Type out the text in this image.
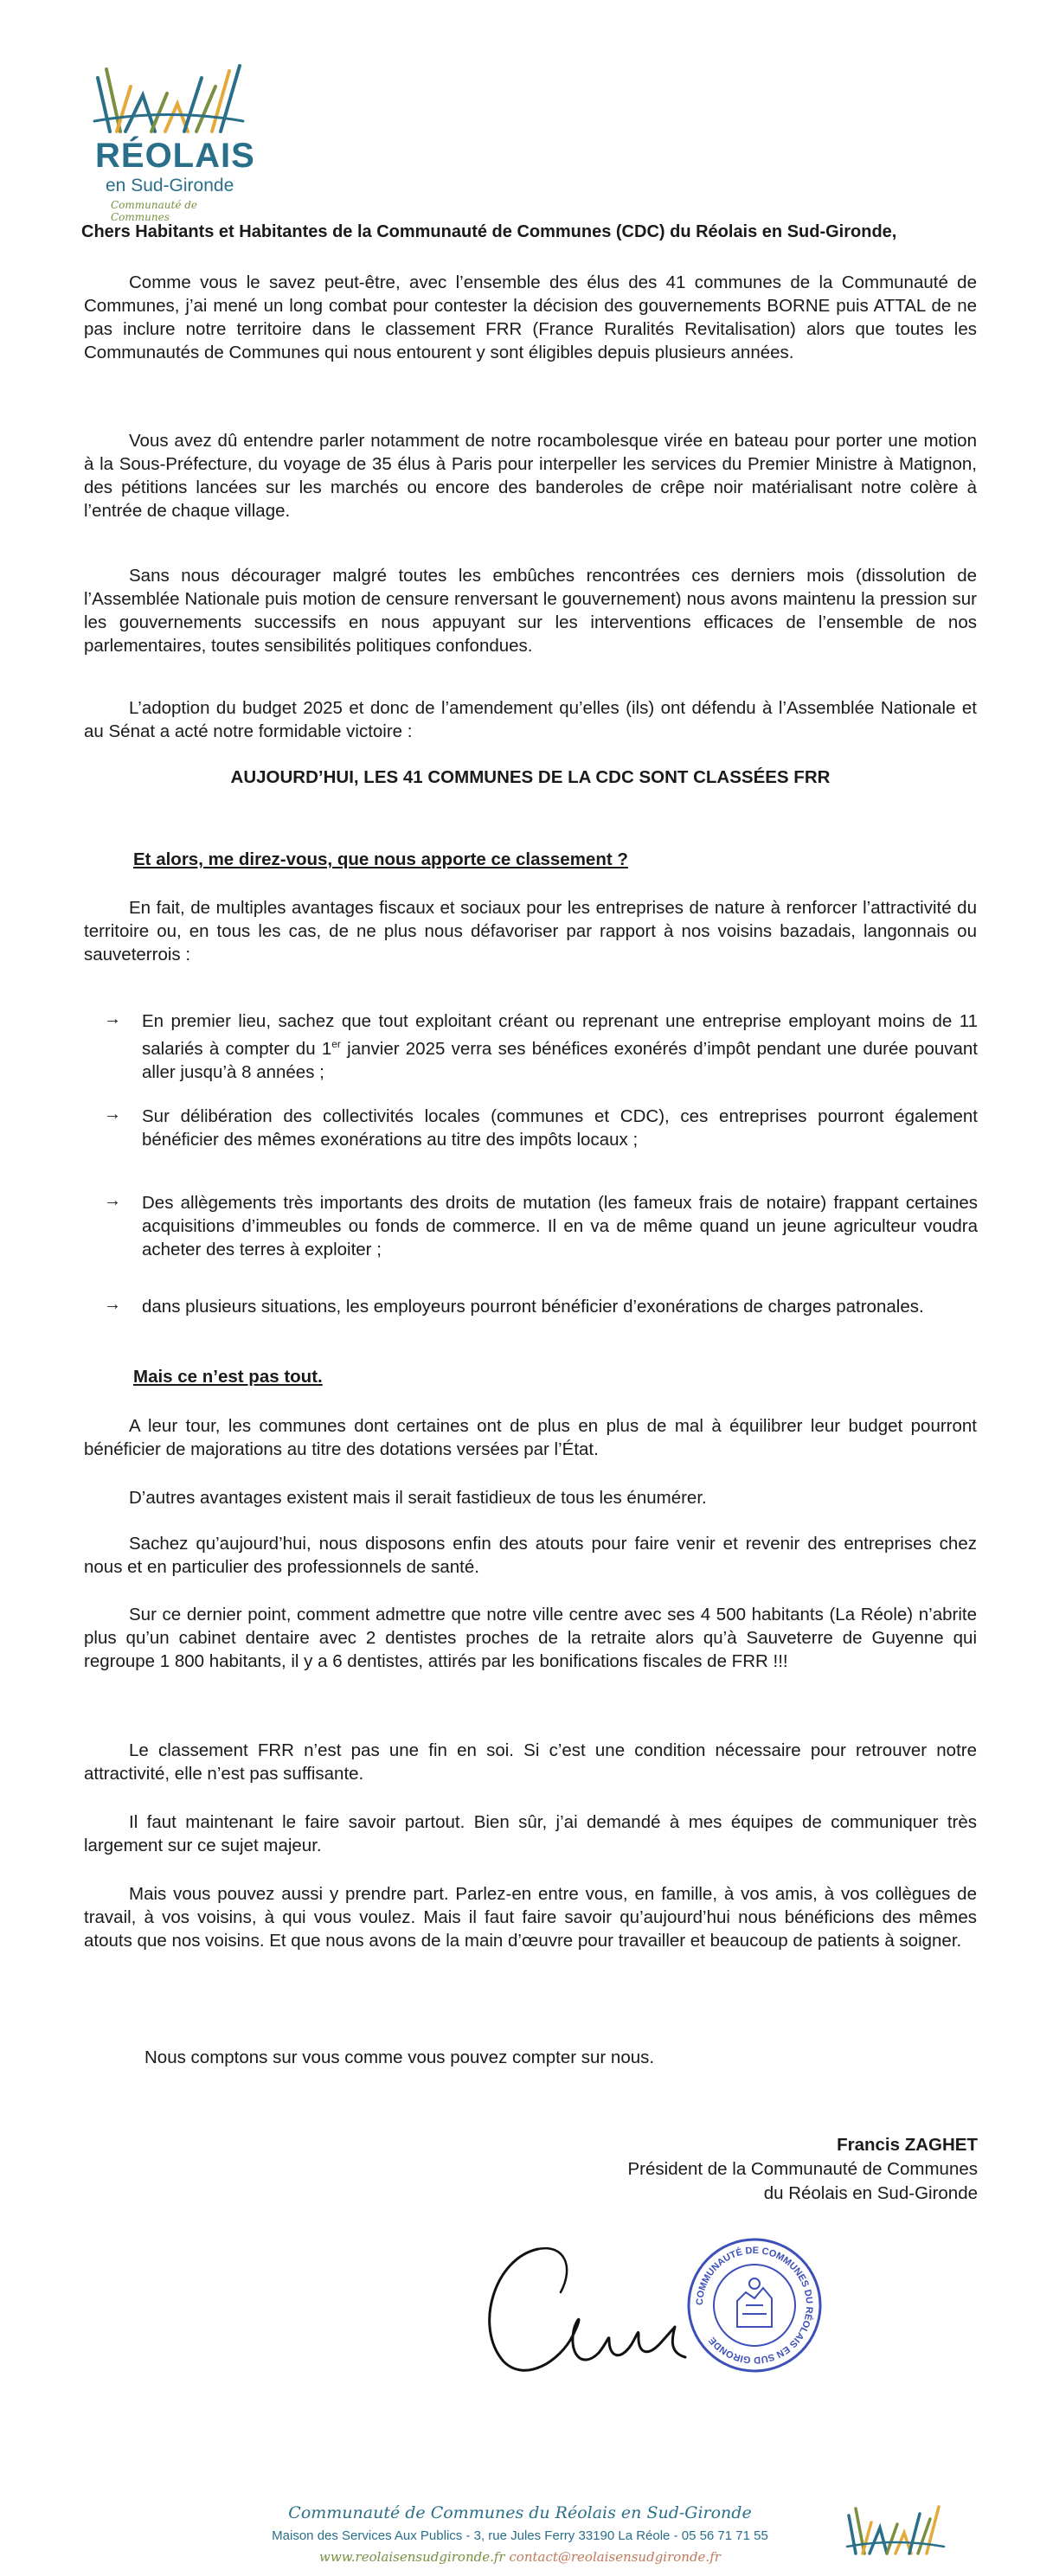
RÉOLAIS
en Sud-Gironde
Communauté de Communes
Chers Habitants et Habitantes de la Communauté de Communes (CDC) du Réolais en Sud-Gironde,

Comme vous le savez peut-être, avec l’ensemble des élus des 41 communes de la Communauté de Communes, j’ai mené un long combat pour contester la décision des gouvernements BORNE puis ATTAL de ne pas inclure notre territoire dans le classement FRR (France Ruralités Revitalisation) alors que toutes les Communautés de Communes qui nous entourent y sont éligibles depuis plusieurs années.

Vous avez dû entendre parler notamment de notre rocambolesque virée en bateau pour porter une motion à la Sous-Préfecture, du voyage de 35 élus à Paris pour interpeller les services du Premier Ministre à Matignon, des pétitions lancées sur les marchés ou encore des banderoles de crêpe noir matérialisant notre colère à l’entrée de chaque village.

Sans nous décourager malgré toutes les embûches rencontrées ces derniers mois (dissolution de l’Assemblée Nationale puis motion de censure renversant le gouvernement) nous avons maintenu la pression sur les gouvernements successifs en nous appuyant sur les interventions efficaces de l’ensemble de nos parlementaires, toutes sensibilités politiques confondues.

L’adoption du budget 2025 et donc de l’amendement qu’elles (ils) ont défendu à l’Assemblée Nationale et au Sénat a acté notre formidable victoire :

AUJOURD’HUI, LES 41 COMMUNES DE LA CDC SONT CLASSÉES FRR
Et alors, me direz-vous, que nous apporte ce classement ?

En fait, de multiples avantages fiscaux et sociaux pour les entreprises de nature à renforcer l’attractivité du territoire ou, en tous les cas, de ne plus nous défavoriser par rapport à nos voisins bazadais, langonnais ou sauveterrois :

→ En premier lieu, sachez que tout exploitant créant ou reprenant une entreprise employant moins de 11 salariés à compter du 1er janvier 2025 verra ses bénéfices exonérés d’impôt pendant une durée pouvant aller jusqu’à 8 années ;

→ Sur délibération des collectivités locales (communes et CDC), ces entreprises pourront également bénéficier des mêmes exonérations au titre des impôts locaux ;

→ Des allègements très importants des droits de mutation (les fameux frais de notaire) frappant certaines acquisitions d’immeubles ou fonds de commerce. Il en va de même quand un jeune agriculteur voudra acheter des terres à exploiter ;

→ dans plusieurs situations, les employeurs pourront bénéficier d’exonérations de charges patronales.

Mais ce n’est pas tout.

A leur tour, les communes dont certaines ont de plus en plus de mal à équilibrer leur budget pourront bénéficier de majorations au titre des dotations versées par l’État.

D’autres avantages existent mais il serait fastidieux de tous les énumérer.

Sachez qu’aujourd’hui, nous disposons enfin des atouts pour faire venir et revenir des entreprises chez nous et en particulier des professionnels de santé.

Sur ce dernier point, comment admettre que notre ville centre avec ses 4 500 habitants (La Réole) n’abrite plus qu’un cabinet dentaire avec 2 dentistes proches de la retraite alors qu’à Sauveterre de Guyenne qui regroupe 1 800 habitants, il y a 6 dentistes, attirés par les bonifications fiscales de FRR !!!

Le classement FRR n’est pas une fin en soi. Si c’est une condition nécessaire pour retrouver notre attractivité, elle n’est pas suffisante.

Il faut maintenant le faire savoir partout. Bien sûr, j’ai demandé à mes équipes de communiquer très largement sur ce sujet majeur.

Mais vous pouvez aussi y prendre part. Parlez-en entre vous, en famille, à vos amis, à vos collègues de travail, à vos voisins, à qui vous voulez. Mais il faut faire savoir qu’aujourd’hui nous bénéficions des mêmes atouts que nos voisins. Et que nous avons de la main d’œuvre pour travailler et beaucoup de patients à soigner.

Nous comptons sur vous comme vous pouvez compter sur nous.

Francis ZAGHET
Président de la Communauté de Communes
du Réolais en Sud-Gironde
COMMUNAUTÉ DE COMMUNES DU RÉOLAIS EN SUD GIRONDE
Communauté de Communes du Réolais en Sud-Gironde
Maison des Services Aux Publics - 3, rue Jules Ferry 33190 La Réole - 05 56 71 71 55
www.reolaisensudgironde.fr contact@reolaisensudgironde.fr
